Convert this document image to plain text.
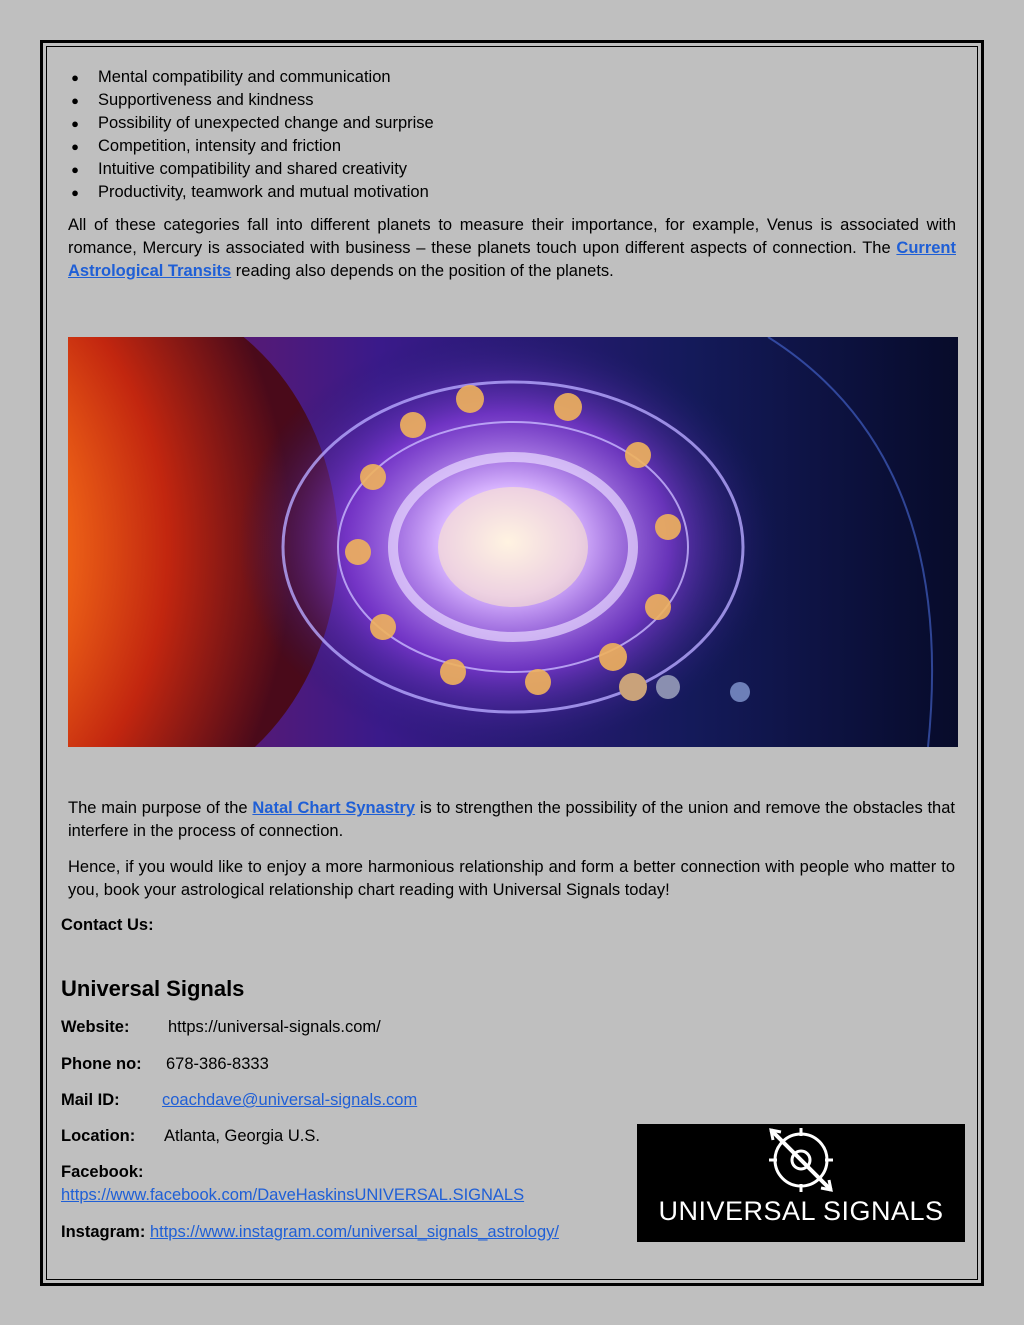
● Mental compatibility and communication
● Supportiveness and kindness
● Possibility of unexpected change and surprise
● Competition, intensity and friction
● Intuitive compatibility and shared creativity
● Productivity, teamwork and mutual motivation

All of these categories fall into different planets to measure their importance, for example, Venus is associated with romance, Mercury is associated with business – these planets touch upon different aspects of connection. The Current Astrological Transits reading also depends on the position of the planets.

The main purpose of the Natal Chart Synastry is to strengthen the possibility of the union and remove the obstacles that interfere in the process of connection.

Hence, if you would like to enjoy a more harmonious relationship and form a better connection with people who matter to you, book your astrological relationship chart reading with Universal Signals today!

Contact Us:
Universal Signals
Website: https://universal-signals.com/
Phone no: 678-386-8333
Mail ID:	coachdave@universal-signals.com
Location: Atlanta, Georgia U.S.
Facebook:
https://www.facebook.com/DaveHaskinsUNIVERSAL.SIGNALS
Instagram: https://www.instagram.com/universal_signals_astrology/
UNIVERSAL SIGNALS
